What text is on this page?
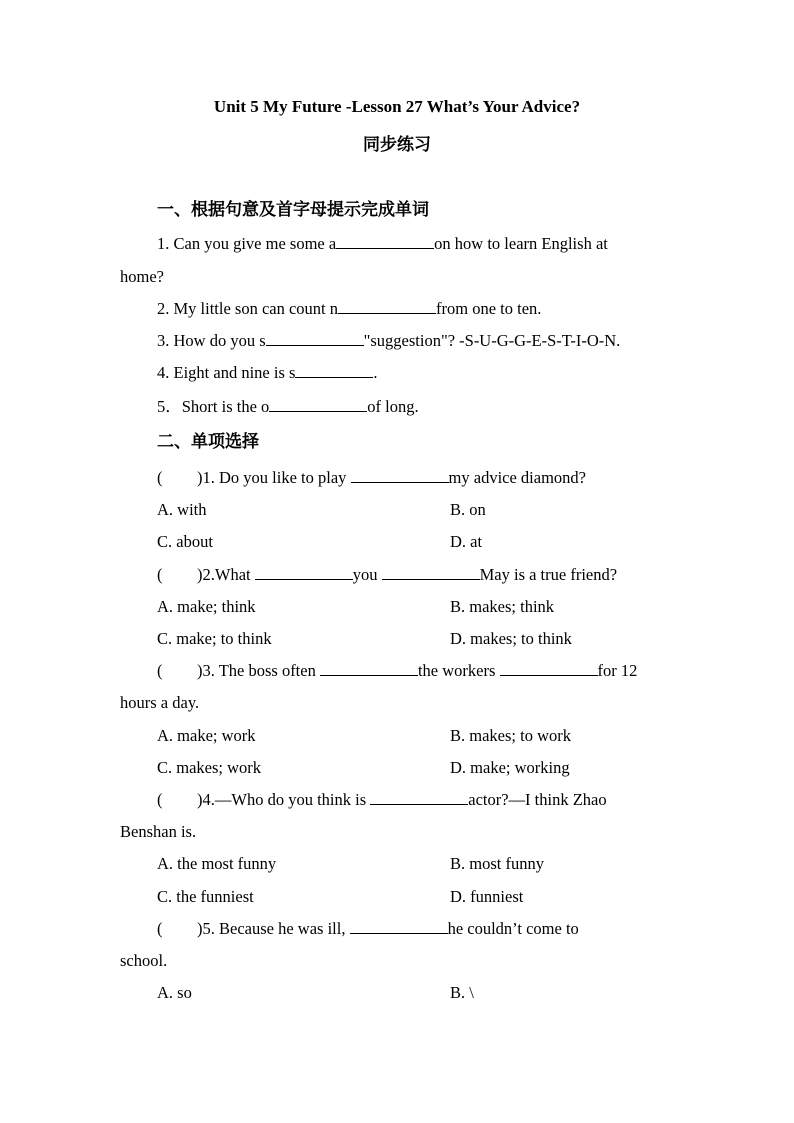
Unit 5 My Future -Lesson 27 What’s Your Advice?
同步练习
一、根据句意及首字母提示完成单词
1. Can you give me some a	on how to learn English at
home?
2. My little son can count n	from one to ten.
3. How do you s	"suggestion"? -S-U-G-G-E-S-T-I-O-N.
4. Eight and nine is s	.
5．Short is the o	of long.
二、单项选择
( )1. Do you like to play	my advice diamond?
A. with	B. on
C. about	D. at
( )2.What	you	May is a true friend?
A. make; think	B. makes; think
C. make; to think	D. makes; to think
( )3. The boss often	the workers	for 12
hours a day.
A. make; work	B. makes; to work
C. makes; work	D. make; working
( )4.—Who do you think is	actor?—I think Zhao
Benshan is.
A. the most funny	B. most funny
C. the funniest	D. funniest
( )5. Because he was ill,	he couldn’t come to
school.
A. so	B. \
